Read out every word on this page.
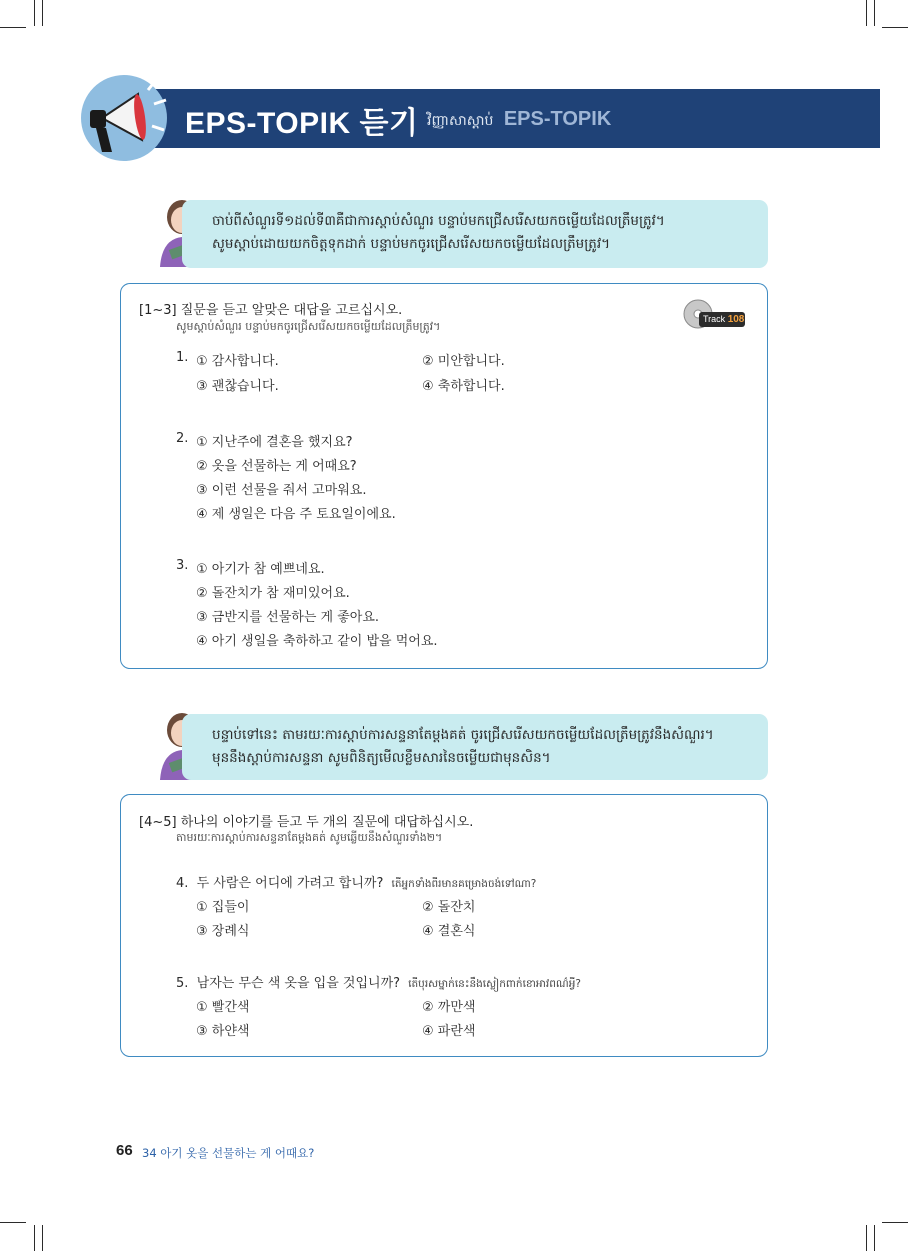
EPS-TOPIK 듣기 វិញ្ញាសាស្ដាប់ EPS-TOPIK

ចាប់ពីសំណួរទី១ដល់ទី៣គឺជាការស្ដាប់សំណួរ បន្ទាប់មកជ្រើសរើសយកចម្លើយដែលត្រឹមត្រូវ។

សូមស្ដាប់ដោយយកចិត្តទុកដាក់ បន្ទាប់មកចូរជ្រើសរើសយកចម្លើយដែលត្រឹមត្រូវ។

[1~3] 질문을 듣고 알맞은 대답을 고르십시오.
សូមស្ដាប់សំណួរ បន្ទាប់មកចូរជ្រើសរើសយកចម្លើយដែលត្រឹមត្រូវ។
Track 108
1. ① 감사합니다.	② 미안합니다.
③ 괜찮습니다.	④ 축하합니다.
2. ① 지난주에 결혼을 했지요?
② 옷을 선물하는 게 어때요?
③ 이런 선물을 줘서 고마워요.
④ 제 생일은 다음 주 토요일이에요.
3. ① 아기가 참 예쁘네요.
② 돌잔치가 참 재미있어요.
③ 금반지를 선물하는 게 좋아요.
④ 아기 생일을 축하하고 같이 밥을 먹어요.

បន្ទាប់ទៅនេះ តាមរយៈការស្ដាប់ការសន្ទនាតែម្ដងគត់ ចូរជ្រើសរើសយកចម្លើយដែលត្រឹមត្រូវនឹងសំណួរ។

មុននឹងស្ដាប់ការសន្ទនា សូមពិនិត្យមើលខ្លឹមសារនៃចម្លើយជាមុនសិន។

[4~5] 하나의 이야기를 듣고 두 개의 질문에 대답하십시오.
តាមរយៈការស្ដាប់ការសន្ទនាតែម្ដងគត់ សូមឆ្លើយនឹងសំណួរទាំង២។
4. 두 사람은 어디에 가려고 합니까? តើអ្នកទាំងពីរមានគម្រោងចង់ទៅណា?
① 집들이	② 돌잔치
③ 장례식	④ 결혼식
5. 남자는 무슨 색 옷을 입을 것입니까? តើបុរសម្នាក់នេះនឹងស្លៀកពាក់ខោអាវពណ៌អ្វី?
① 빨간색	② 까만색
③ 하얀색	④ 파란색
66 34 아기 옷을 선물하는 게 어때요?
